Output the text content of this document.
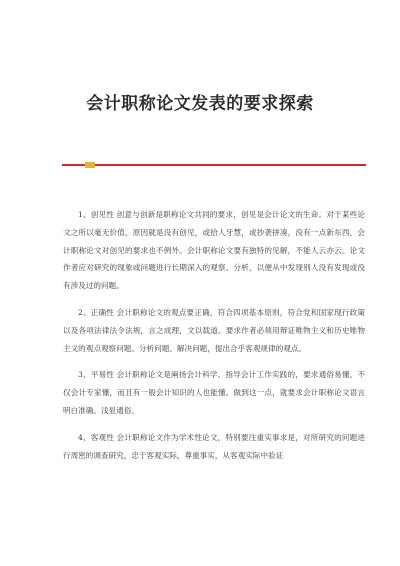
会计职称论文发表的要求探索

1、创见性 创意与创新是职称论文共同的要求，创见是会计论文的生命。对于某些论文之所以毫无价值，原因就是没有创见，或拾人牙慧，或抄袭拼凑，没有一点新东西，会计职称论文对创见的要求也不例外。会计职称论文要有独特的见解，不能人云亦云。论文作者应对研究的现象或问题进行长期深入的观察、分析，以便从中发现别人没有发现或没有涉及过的问题。

2、正确性 会计职称论文的观点要正确，符合四项基本原则，符合党和国家现行政策以及各项法律法令法规，言之成理，文以载道。要求作者必须用辩证唯物主义和历史唯物主义的观点观察问题、分析问题、解决问题，提出合乎客观规律的观点。

3、平易性 会计职称论文是阐扬会计科学、指导会计工作实践的，要求通俗易懂，不仅会计专家懂，而且有一般会计知识的人也能懂。做到这一点，就要求会计职称论文语言明白准确、浅显通俗。

4、客观性 会计职称论文作为学术性论文，特别要注重实事求是，对所研究的问题进行周密的调查研究，忠于客观实际，尊重事实，从客观实际中验证
